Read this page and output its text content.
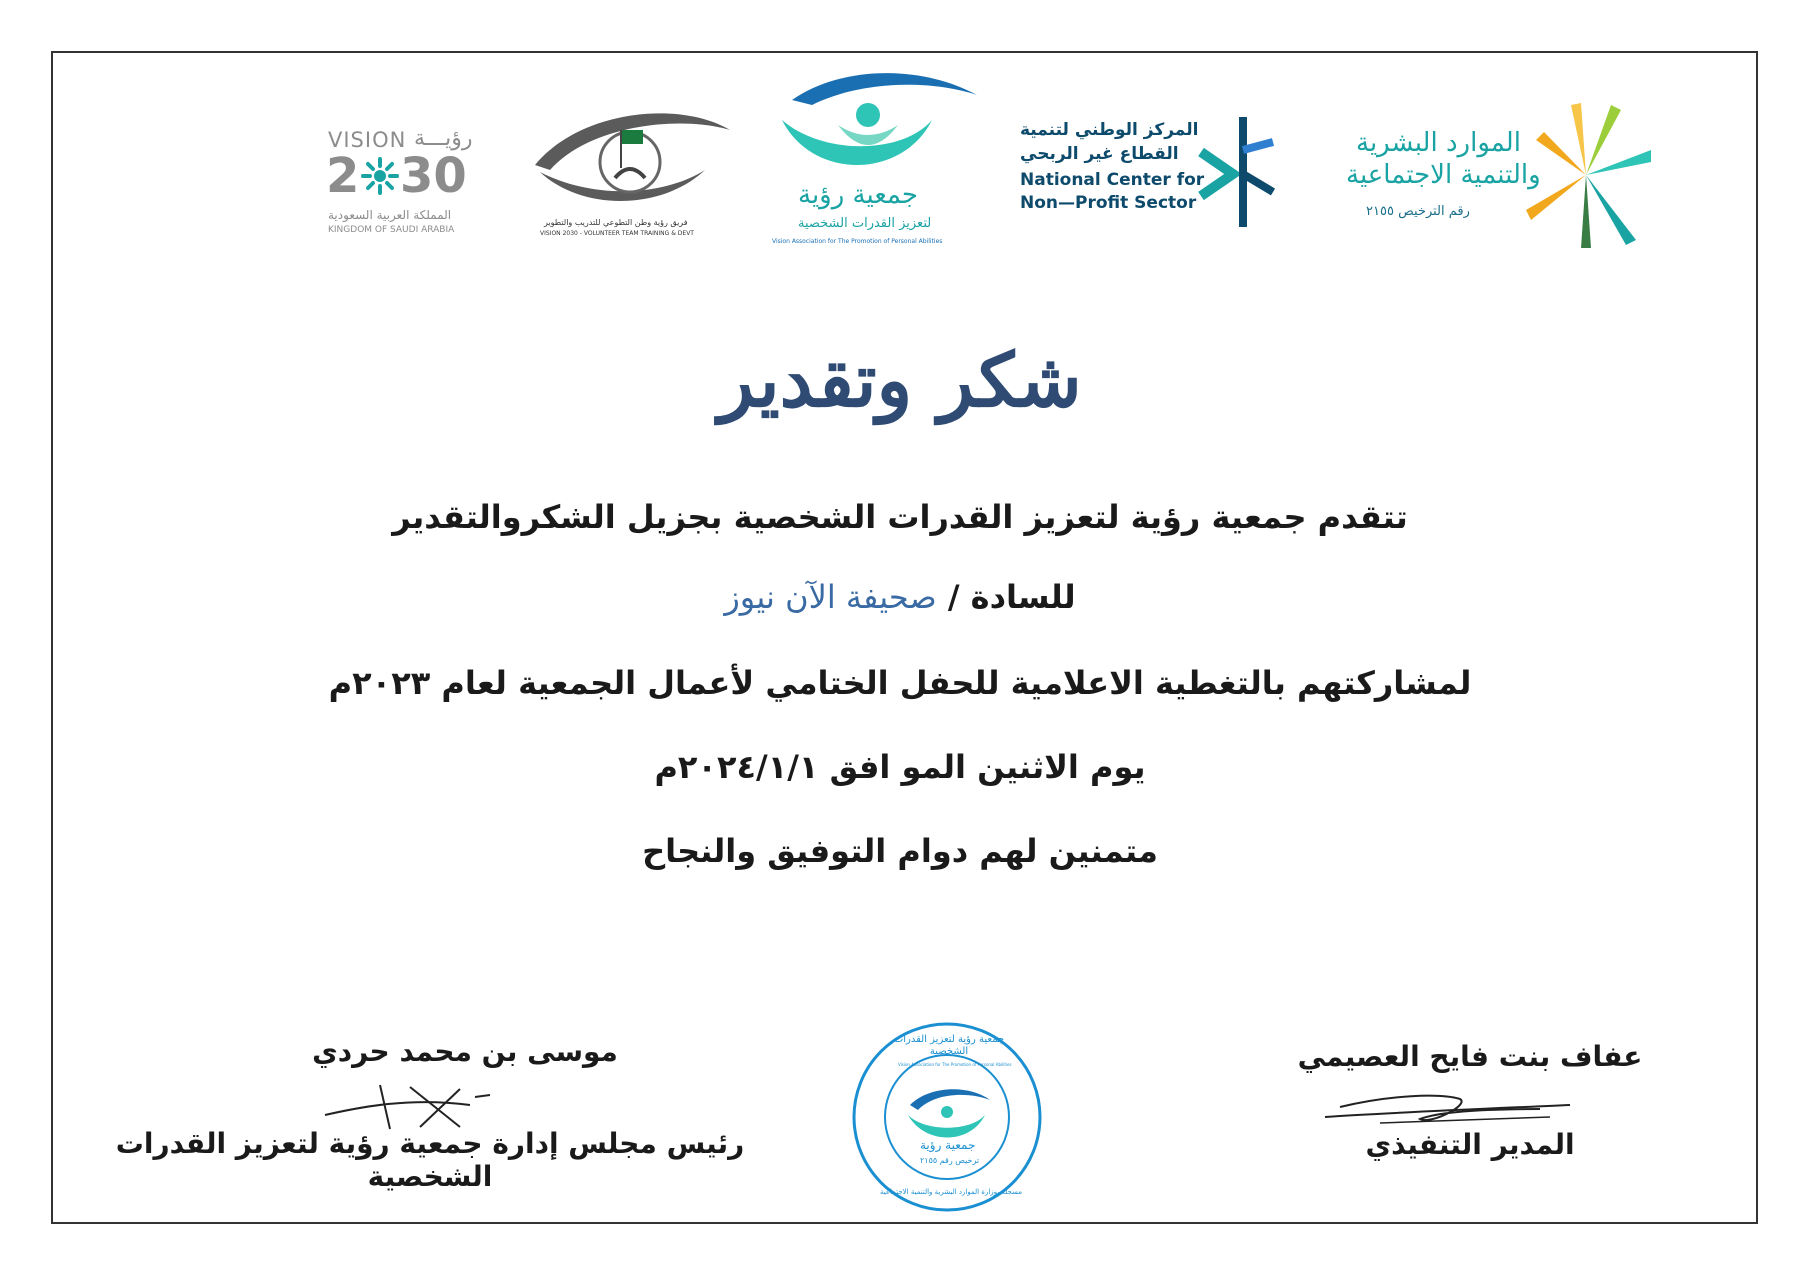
VISION رؤيـــة
2 30
المملكة العربية السعودية
KINGDOM OF SAUDI ARABIA
فريق رؤية وطن التطوعي للتدريب والتطوير
VISION 2030 - VOLUNTEER TEAM TRAINING & DEVT
جمعية رؤية
لتعزيز القدرات الشخصية
Vision Association for The Promotion of Personal Abilities
المركز الوطني لتنمية
القطاع غير الربحي
National Center for
Non—Profit Sector
الموارد البشرية
والتنمية الاجتماعية
رقم الترخيص ٢١٥٥
شكر وتقدير
تتقدم جمعية رؤية لتعزيز القدرات الشخصية بجزيل الشكروالتقدير
للسادة / صحيفة الآن نيوز
لمشاركتهم بالتغطية الاعلامية للحفل الختامي لأعمال الجمعية لعام ٢٠٢٣م
يوم الاثنين المو افق ٢٠٢٤/١/١م
متمنين لهم دوام التوفيق والنجاح
موسى بن محمد حردي
رئيس مجلس إدارة جمعية رؤية لتعزيز القدرات الشخصية
جمعية رؤية لتعزيز القدرات الشخصية
Vision Association for The Promotion of Personal Abilities
جمعية رؤية
ترخيص رقم ٢١٥٥
مسجلة بوزارة الموارد البشرية والتنمية الاجتماعية
عفاف بنت فايح العصيمي
المدير التنفيذي
